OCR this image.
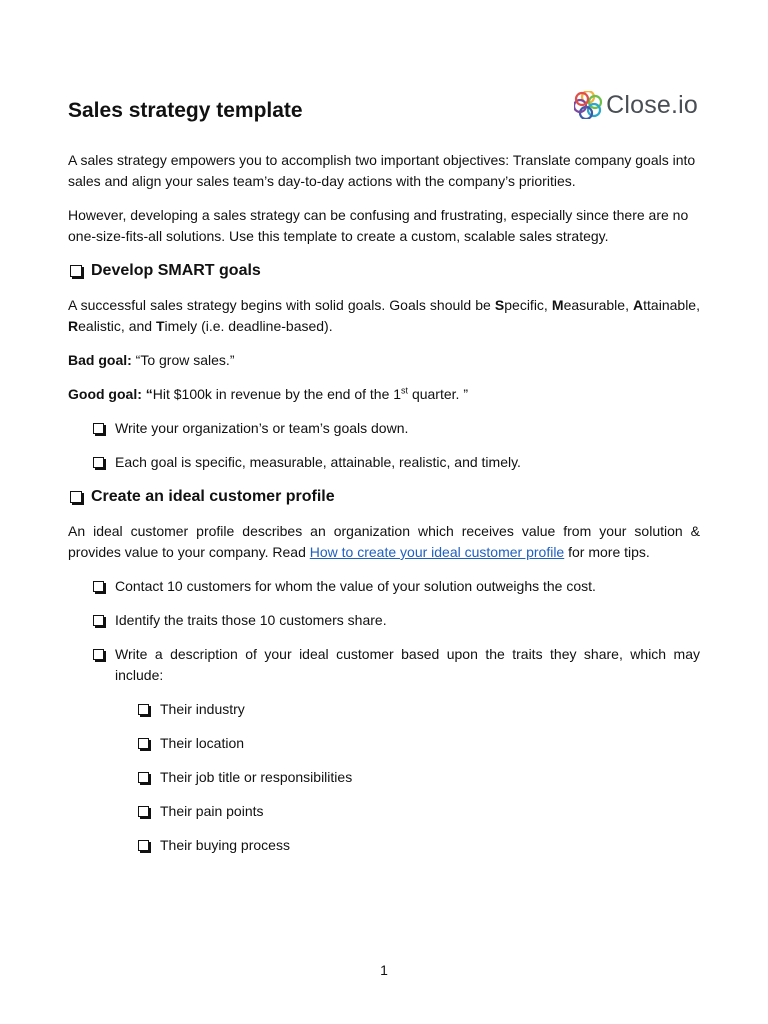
Sales strategy template	Close.io

A sales strategy empowers you to accomplish two important objectives: Translate company goals into sales and align your sales team’s day-to-day actions with the company’s priorities.

However, developing a sales strategy can be confusing and frustrating, especially since there are no one-size-fits-all solutions. Use this template to create a custom, scalable sales strategy.

Develop SMART goals

A successful sales strategy begins with solid goals. Goals should be Specific, Measurable, Attainable, Realistic, and Timely (i.e. deadline-based).

Bad goal: “To grow sales.”

Good goal: “Hit $100k in revenue by the end of the 1st quarter. ”

Write your organization’s or team’s goals down.
Each goal is specific, measurable, attainable, realistic, and timely.
Create an ideal customer profile

An ideal customer profile describes an organization which receives value from your solution & provides value to your company. Read How to create your ideal customer profile for more tips.

Contact 10 customers for whom the value of your solution outweighs the cost.
Identify the traits those 10 customers share.
Write a description of your ideal customer based upon the traits they share, which may include:
Their industry
Their location
Their job title or responsibilities
Their pain points
Their buying process
1
